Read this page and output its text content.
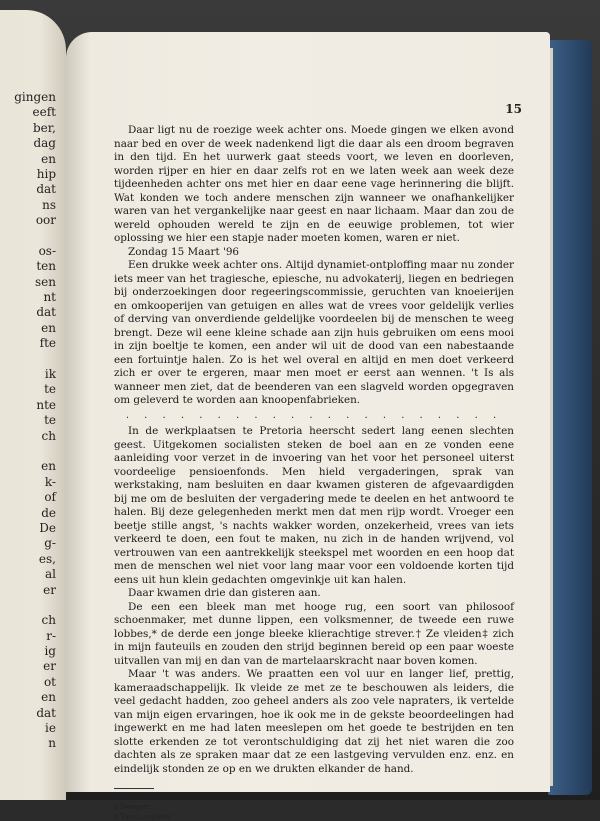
gingen
eeft
ber,
dag
en
hip
dat
ns
oor
os-
ten
sen
nt
dat
en
fte
ik
te
nte
te
ch
en
k-
of
de
De
g-
es,
al
er
ch
r-
ig
er
ot
en
dat
ie
n
15

Daar ligt nu de roezige week achter ons. Moede gingen we elken avond naar bed en over de week nadenkend ligt die daar als een droom begraven in den tijd. En het uurwerk gaat steeds voort, we leven en doorleven, worden rijper en hier en daar zelfs rot en we laten week aan week deze tijdeenheden achter ons met hier en daar eene vage herinnering die blijft. Wat konden we toch andere menschen zijn wanneer we onafhankelijker waren van het vergankelijke naar geest en naar lichaam. Maar dan zou de wereld ophouden wereld te zijn en de eeuwige problemen, tot wier oplossing we hier een stapje nader moeten komen, waren er niet.

Zondag 15 Maart '96

Een drukke week achter ons. Altijd dynamiet-ontploffing maar nu zonder iets meer van het tragiesche, epiesche, nu advokaterij, liegen en bedriegen bij onderzoekingen door regeeringscommissie, geruchten van knoeierijen en omkooperijen van getuigen en alles wat de vrees voor geldelijk verlies of derving van onverdiende geldelijke voordeelen bij de menschen te weeg brengt. Deze wil eene kleine schade aan zijn huis gebruiken om eens mooi in zijn boeltje te komen, een ander wil uit de dood van een nabestaande een fortuintje halen. Zo is het wel overal en altijd en men doet verkeerd zich er over te ergeren, maar men moet er eerst aan wennen. 't Is als wanneer men ziet, dat de beenderen van een slagveld worden opgegraven om geleverd te worden aan knoopenfabrieken.

. . . . . . . . . . . . . . . . . . . . .

In de werkplaatsen te Pretoria heerscht sedert lang eenen slechten geest. Uitgekomen socialisten steken de boel aan en ze vonden eene aanleiding voor verzet in de invoering van het voor het personeel uiterst voordeelige pensioenfonds. Men hield vergaderingen, sprak van werkstaking, nam besluiten en daar kwamen gisteren de afgevaardigden bij me om de besluiten der vergadering mede te deelen en het antwoord te halen. Bij deze gelegenheden merkt men dat men rijp wordt. Vroeger een beetje stille angst, 's nachts wakker worden, onzekerheid, vrees van iets verkeerd te doen, een fout te maken, nu zich in de handen wrijvend, vol vertrouwen van een aantrekkelijk steekspel met woorden en een hoop dat men de menschen wel niet voor lang maar voor een voldoende korten tijd eens uit hun klein gedachten omgevinkje uit kan halen.

Daar kwamen drie dan gisteren aan.

De een een bleek man met hooge rug, een soort van philosoof schoenmaker, met dunne lippen, een volksmenner, de tweede een ruwe lobbes,* de derde een jonge bleeke klierachtige strever.† Ze vleiden‡ zich in mijn fauteuils en zouden den strijd beginnen bereid op een paar woeste uitvallen van mij en dan van de martelaarskracht naar boven komen.

Maar 't was anders. We praatten een vol uur en langer lief, prettig, kameraadschappelijk. Ik vleide ze met ze te beschouwen als leiders, die veel gedacht hadden, zoo geheel anders als zoo vele napraters, ik vertelde van mijn eigen ervaringen, hoe ik ook me in de gekste beoordeelingen had ingewerkt en me had laten meeslepen om het goede te bestrijden en ten slotte erkenden ze tot verontschuldiging dat zij het niet waren die zoo dachten als ze spraken maar dat ze een lastgeving vervulden enz. enz. en eindelijk stonden ze op en we drukten elkander de hand.

* Vent.
† Dweper.
‡ Tans ,,vlijden."
